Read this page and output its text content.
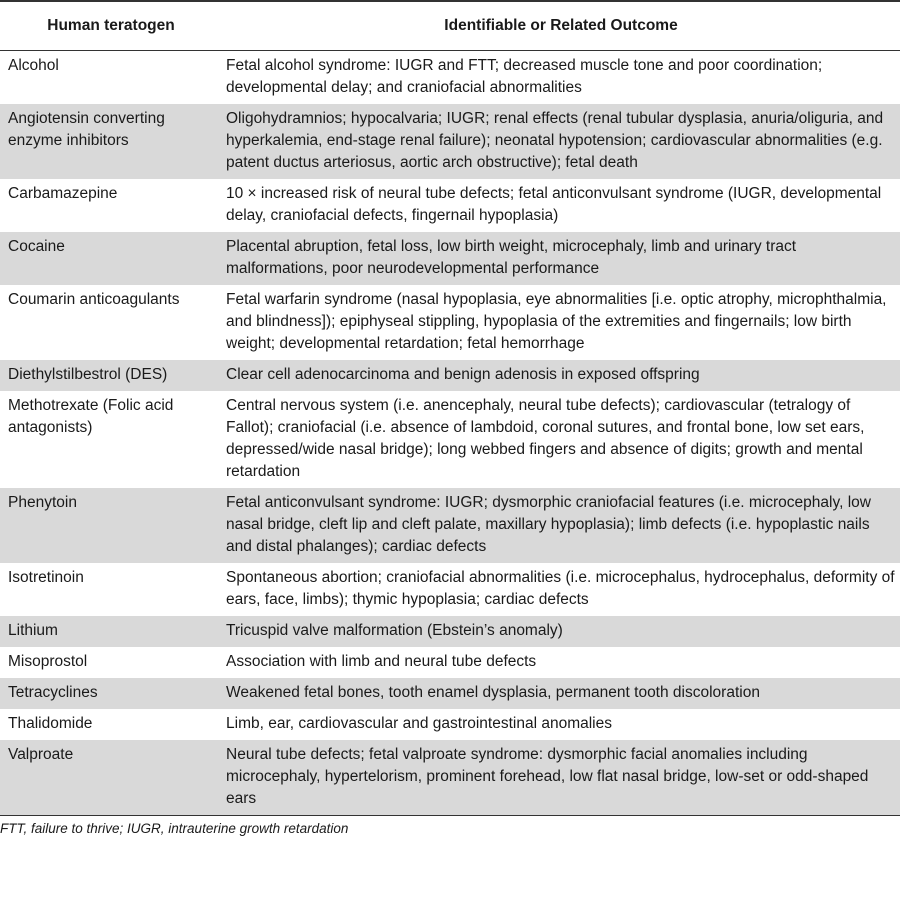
Human teratogen	Identifiable or Related Outcome
Alcohol	Fetal alcohol syndrome: IUGR and FTT; decreased muscle tone and poor coordination; developmental delay; and craniofacial abnormalities
Angiotensin converting enzyme inhibitors	Oligohydramnios; hypocalvaria; IUGR; renal effects (renal tubular dysplasia, anuria/oliguria, and hyperkalemia, end-stage renal failure); neonatal hypotension; cardiovascular abnormalities (e.g. patent ductus arteriosus, aortic arch obstructive); fetal death
Carbamazepine	10 × increased risk of neural tube defects; fetal anticonvulsant syndrome (IUGR, developmental delay, craniofacial defects, fingernail hypoplasia)
Cocaine	Placental abruption, fetal loss, low birth weight, microcephaly, limb and urinary tract malformations, poor neurodevelopmental performance
Coumarin anticoagulants	Fetal warfarin syndrome (nasal hypoplasia, eye abnormalities [i.e. optic atrophy, microphthalmia, and blindness]); epiphyseal stippling, hypoplasia of the extremities and fingernails; low birth weight; developmental retardation; fetal hemorrhage
Diethylstilbestrol (DES)	Clear cell adenocarcinoma and benign adenosis in exposed offspring
Methotrexate (Folic acid antagonists)	Central nervous system (i.e. anencephaly, neural tube defects); cardiovascular (tetralogy of Fallot); craniofacial (i.e. absence of lambdoid, coronal sutures, and frontal bone, low set ears, depressed/wide nasal bridge); long webbed fingers and absence of digits; growth and mental retardation
Phenytoin	Fetal anticonvulsant syndrome: IUGR; dysmorphic craniofacial features (i.e. microcephaly, low nasal bridge, cleft lip and cleft palate, maxillary hypoplasia); limb defects (i.e. hypoplastic nails and distal phalanges); cardiac defects
Isotretinoin	Spontaneous abortion; craniofacial abnormalities (i.e. microcephalus, hydrocephalus, deformity of ears, face, limbs); thymic hypoplasia; cardiac defects
Lithium	Tricuspid valve malformation (Ebstein’s anomaly)
Misoprostol	Association with limb and neural tube defects
Tetracyclines	Weakened fetal bones, tooth enamel dysplasia, permanent tooth discoloration
Thalidomide	Limb, ear, cardiovascular and gastrointestinal anomalies
Valproate	Neural tube defects; fetal valproate syndrome: dysmorphic facial anomalies including microcephaly, hypertelorism, prominent forehead, low flat nasal bridge, low-set or odd-shaped ears
FTT, failure to thrive; IUGR, intrauterine growth retardation
